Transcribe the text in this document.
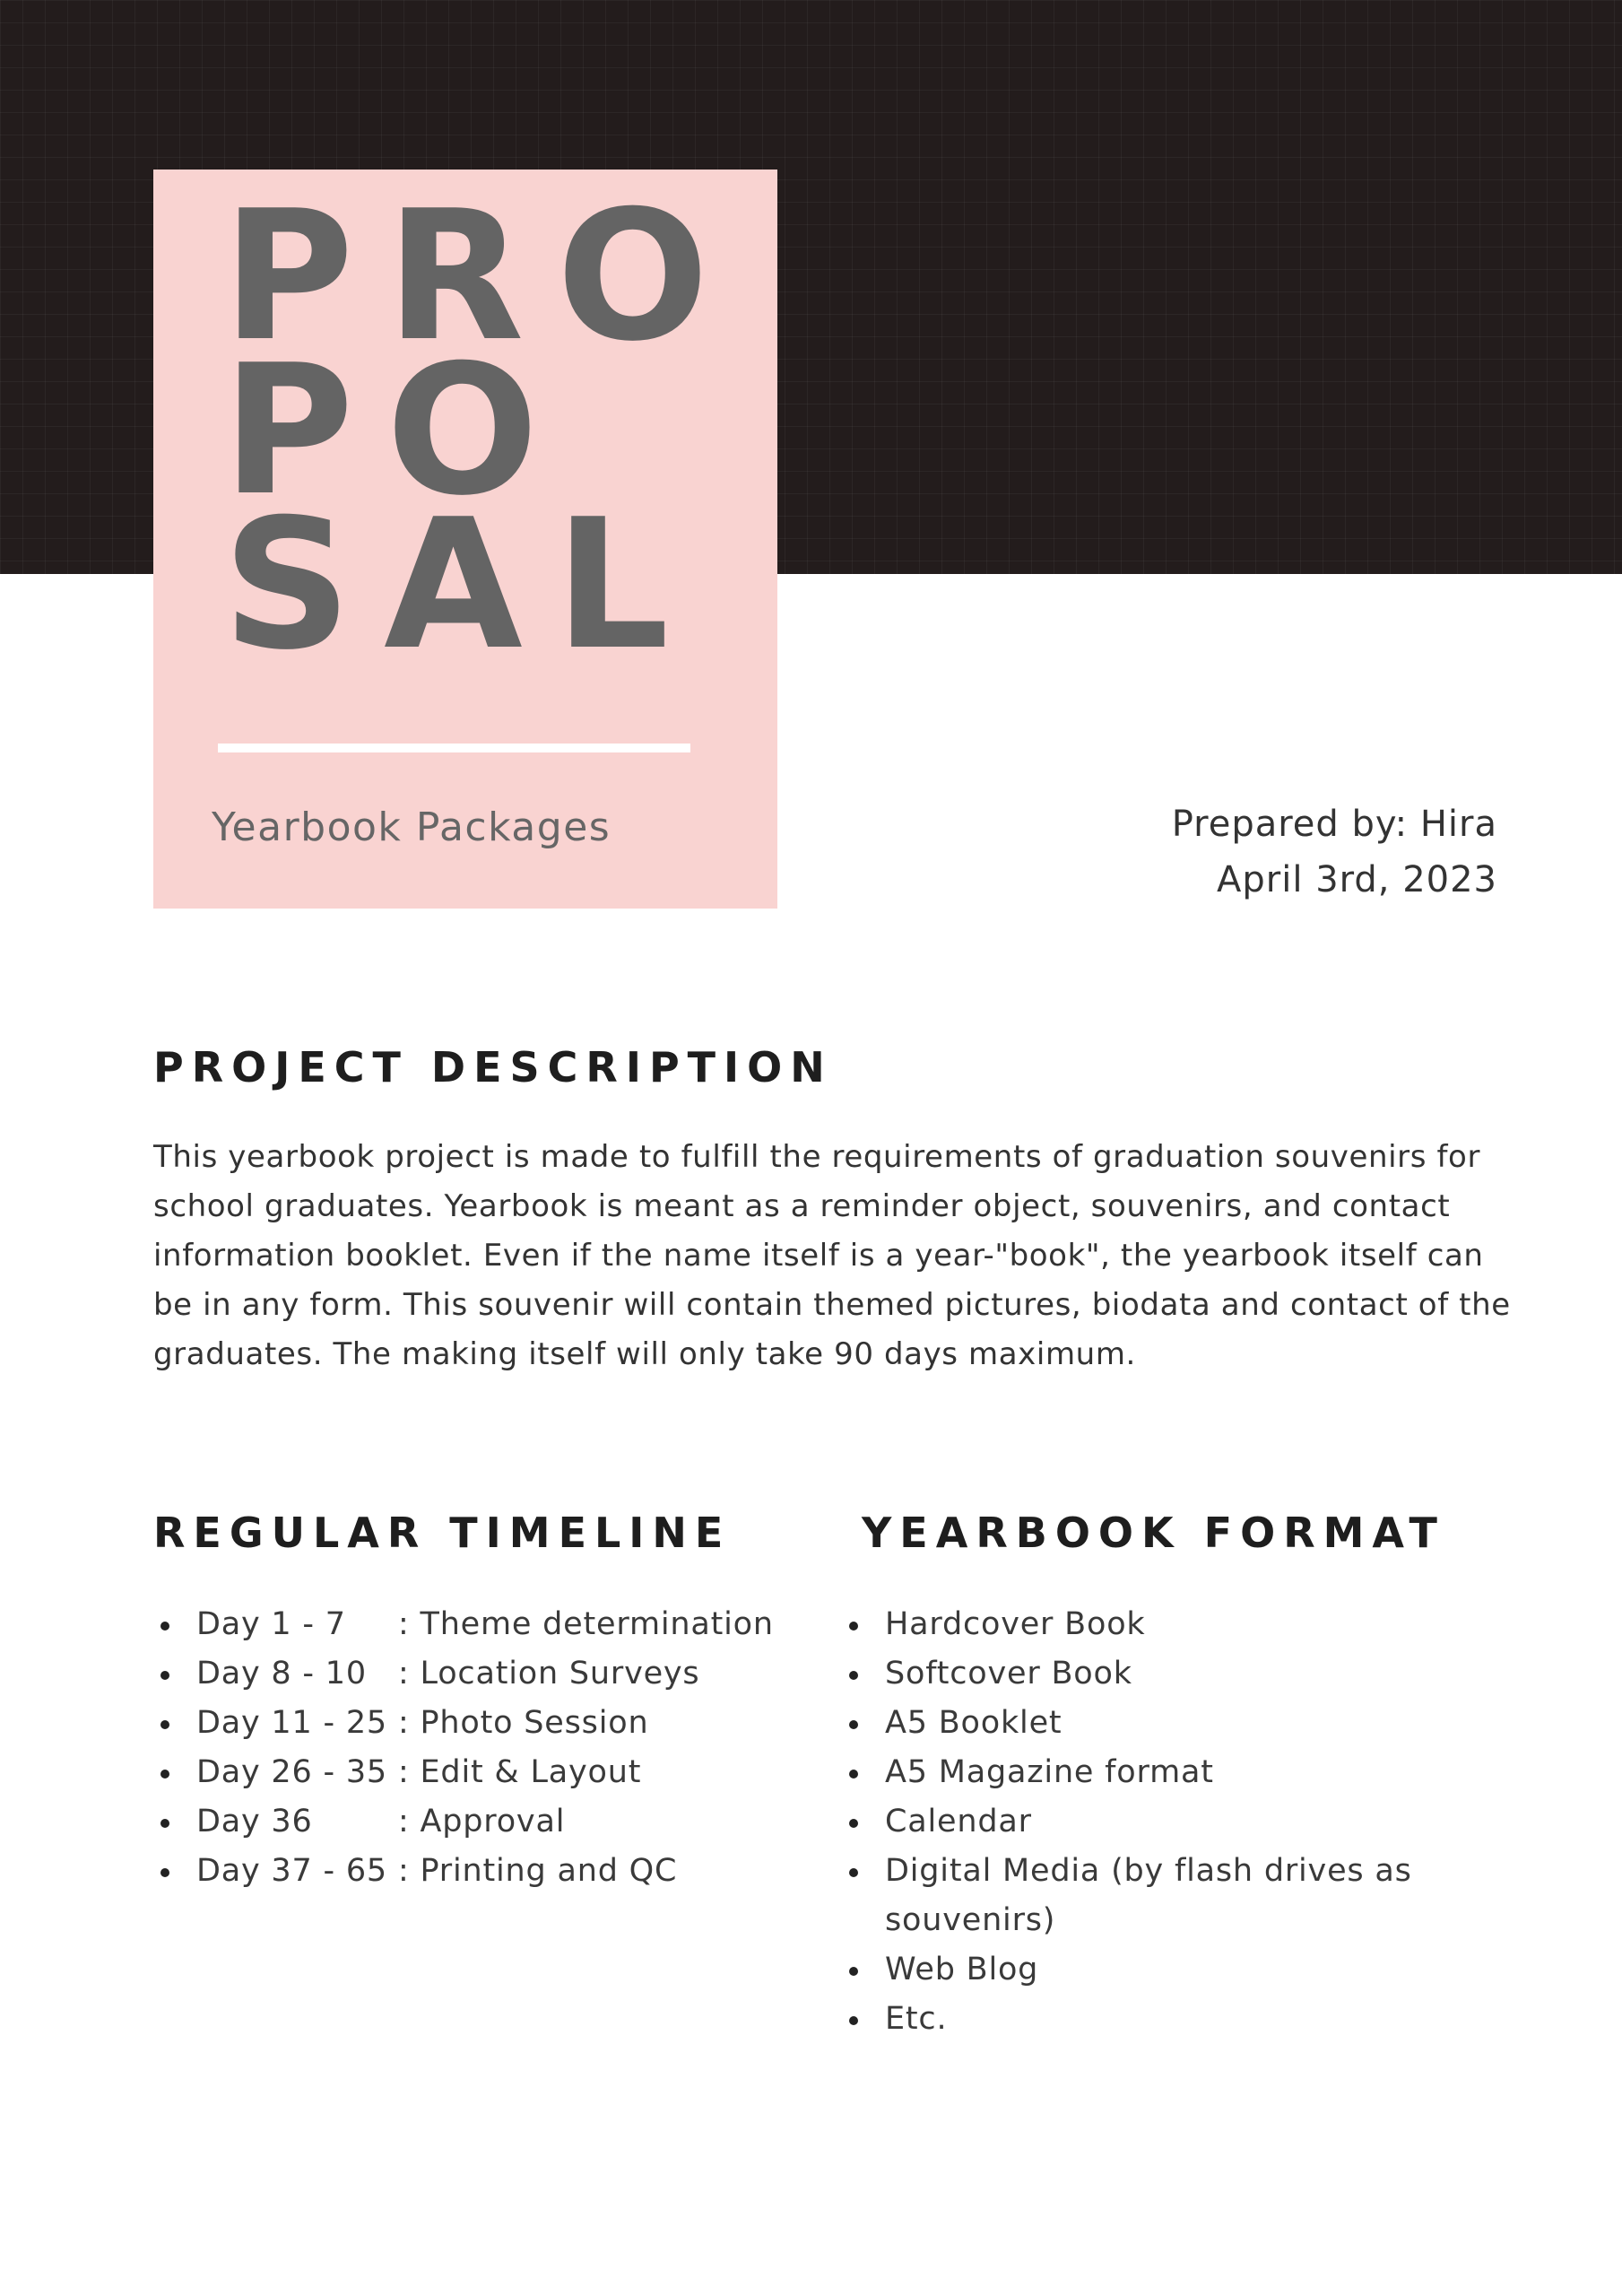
PRO
PO
SAL
Yearbook Packages	Prepared by: Hira
April 3rd, 2023
PROJECT DESCRIPTION

This yearbook project is made to fulfill the requirements of graduation souvenirs for school graduates. Yearbook is meant as a reminder object, souvenirs, and contact information booklet. Even if the name itself is a year-"book", the yearbook itself can be in any form. This souvenir will contain themed pictures, biodata and contact of the graduates. The making itself will only take 90 days maximum.

REGULAR TIMELINE
Day 1 - 7 : Theme determination
Day 8 - 10 : Location Surveys
Day 11 - 25 : Photo Session
Day 26 - 35 : Edit & Layout
Day 36	: Approval
Day 37 - 65 : Printing and QC
YEARBOOK FORMAT
Hardcover Book
Softcover Book
A5 Booklet
A5 Magazine format
Calendar
Digital Media (by flash drives as souvenirs)
Web Blog
Etc.
